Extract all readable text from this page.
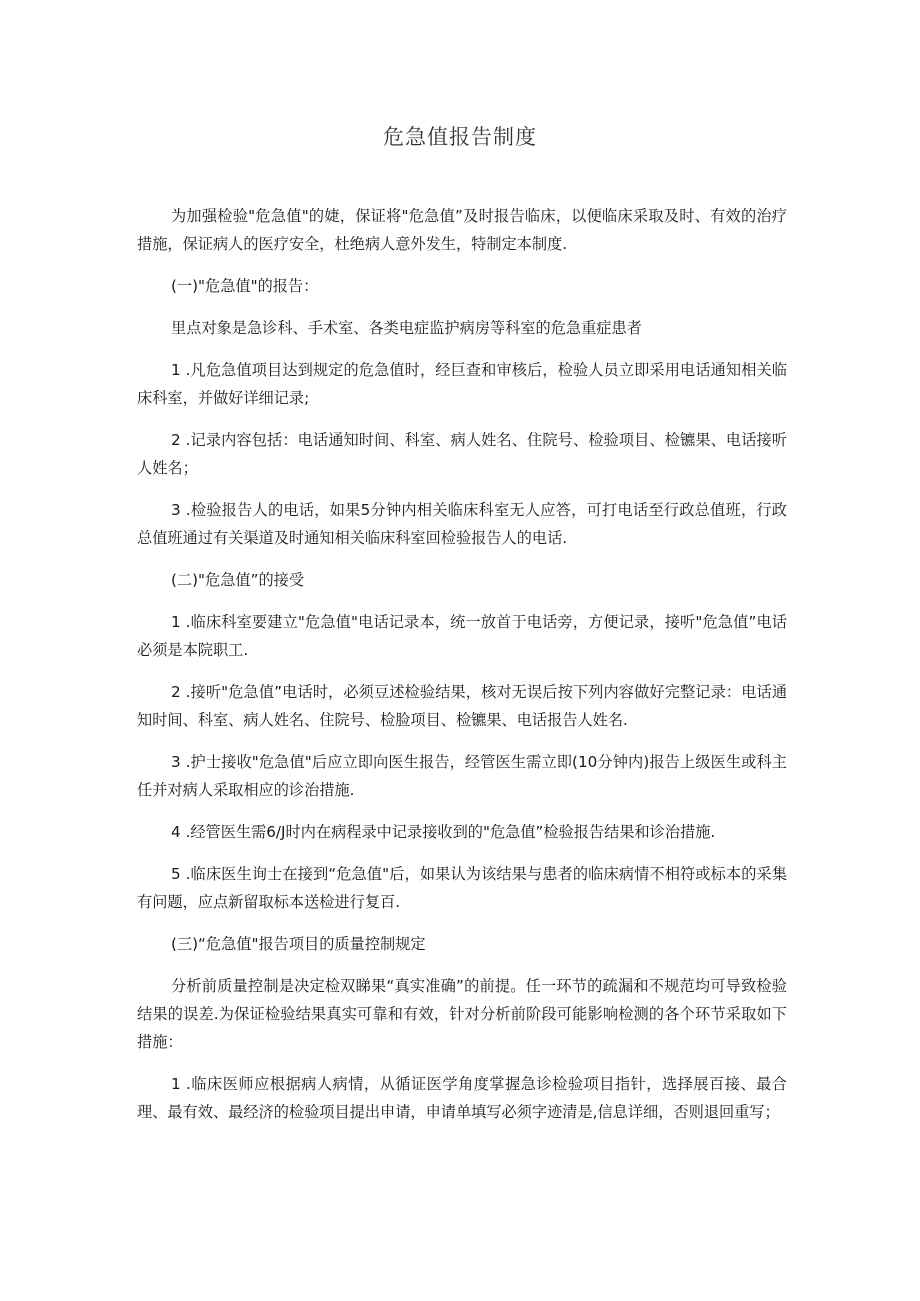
危急值报告制度

为加强检验"危急值"的婕，保证将"危急值”及时报告临床，以便临床采取及时、有效的治疗措施，保证病人的医疗安全，杜绝病人意外发生，特制定本制度.

(一)"危急值"的报告：

里点对象是急诊科、手术室、各类电症监护病房等科室的危急重症患者

1 .凡危急值项目达到规定的危急值时，经巨查和审核后，检验人员立即采用电话通知相关临床科室，并做好详细记录;

2 .记录内容包括：电话通知时间、科室、病人姓名、住院号、检验项目、检镳果、电话接听人姓名；

3 .检验报告人的电话，如果5分钟内相关临床科室无人应答，可打电话至行政总值班，行政总值班通过有关渠道及时通知相关临床科室回检验报告人的电话.

(二)"危急值”的接受

1 .临床科室要建立"危急值"电话记录本，统一放首于电话旁，方便记录，接听"危急值”电话必须是本院职工.

2 .接听"危急值”电话时，必须豆述检验结果，核对无误后按下列内容做好完整记录：电话通知时间、科室、病人姓名、住院号、检脸项目、检镳果、电话报告人姓名.

3 .护士接收"危急值"后应立即向医生报告，经管医生需立即(10分钟内)报告上级医生或科主任并对病人采取相应的诊治措施.

4 .经管医生需6/J时内在病程录中记录接收到的"危急值”检验报告结果和诊治措施.

5 .临床医生询士在接到“危急值"后，如果认为该结果与患者的临床病情不相符或标本的采集有问题，应点新留取标本送检进行复百.

(三)“危急值"报告项目的质量控制规定

分析前质量控制是决定检双睇果“真实准确”的前提。任一环节的疏漏和不规范均可导致检验结果的误差.为保证检验结果真实可靠和有效，针对分析前阶段可能影响检测的各个环节采取如下措施：

1 .临床医师应根据病人病情，从循证医学角度掌握急诊检验项目指针，选择展百接、最合理、最有效、最经济的检验项目提出申请，申请单填写必须字迹清是,信息详细，否则退回重写；
